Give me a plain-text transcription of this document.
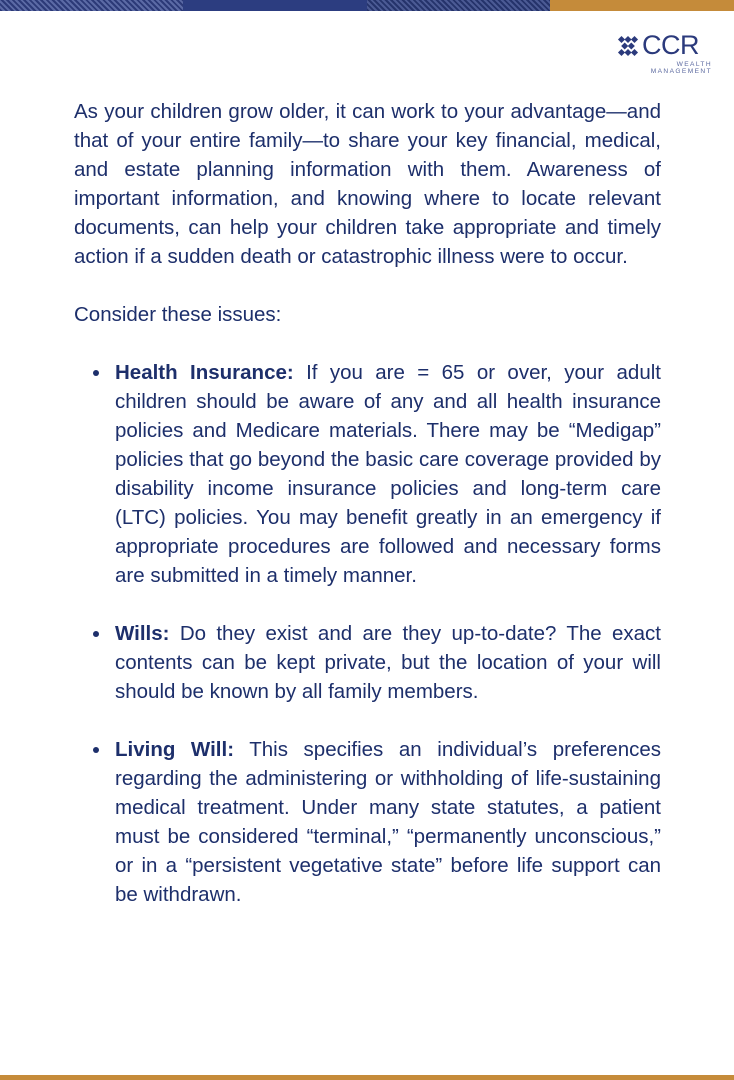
CCR
WEALTH MANAGEMENT

As your children grow older, it can work to your advantage—and that of your entire family—to share your key financial, medical, and estate planning information with them. Awareness of important information, and knowing where to locate relevant documents, can help your children take appropriate and timely action if a sudden death or catastrophic illness were to occur.

Consider these issues:

Health Insurance: If you are = 65 or over, your adult children should be aware of any and all health insurance policies and Medicare materials. There may be “Medigap” policies that go beyond the basic care coverage provided by disability income insurance policies and long-term care (LTC) policies. You may benefit greatly in an emergency if appropriate procedures are followed and necessary forms are submitted in a timely manner.
Wills: Do they exist and are they up-to-date? The exact contents can be kept private, but the location of your will should be known by all family members.
Living Will: This specifies an individual’s preferences regarding the administering or withholding of life-sustaining medical treatment. Under many state statutes, a patient must be considered “terminal,” “permanently unconscious,” or in a “persistent vegetative state” before life support can be withdrawn.
